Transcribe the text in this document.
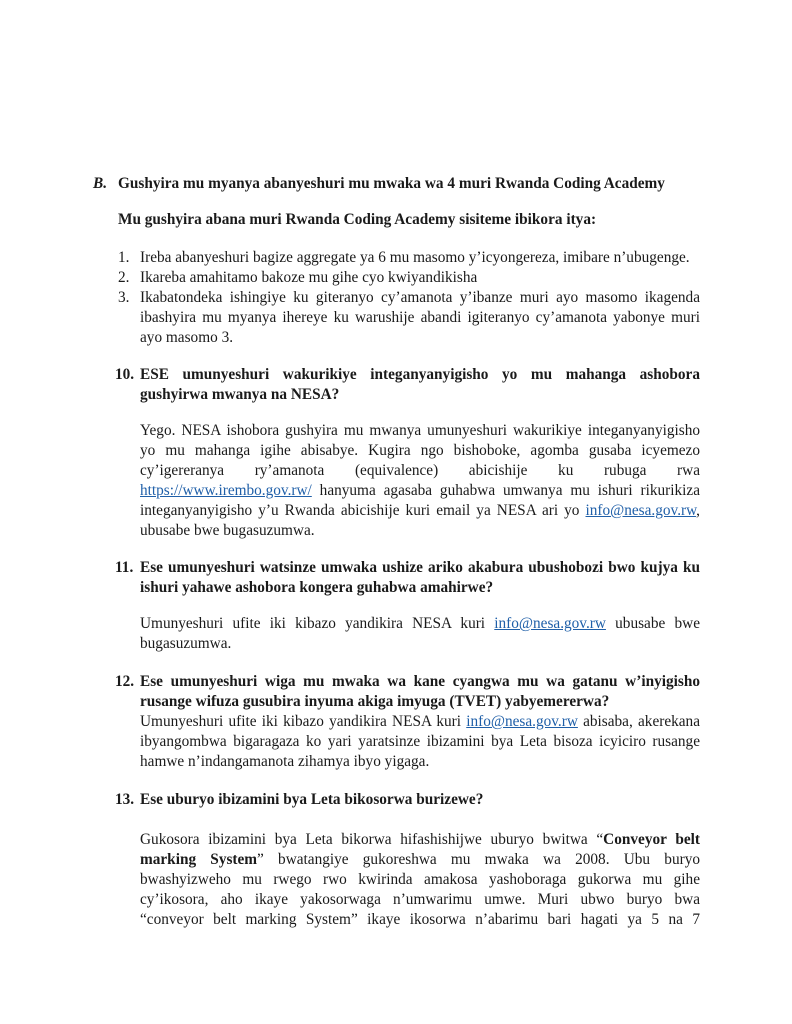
B. Gushyira mu myanya abanyeshuri mu mwaka wa 4 muri Rwanda Coding Academy
Mu gushyira abana muri Rwanda Coding Academy sisiteme ibikora itya:
1. Ireba abanyeshuri bagize aggregate ya 6 mu masomo y’icyongereza, imibare n’ubugenge.
2. Ikareba amahitamo bakoze mu gihe cyo kwiyandikisha
3. Ikabatondeka ishingiye ku giteranyo cy’amanota y’ibanze muri ayo masomo ikagenda
ibashyira mu myanya ihereye ku warushije abandi igiteranyo cy’amanota yabonye muri
ayo masomo 3.
10. ESE umunyeshuri wakurikiye integanyanyigisho yo mu mahanga ashobora
gushyirwa mwanya na NESA?
Yego. NESA ishobora gushyira mu mwanya umunyeshuri wakurikiye integanyanyigisho
yo mu mahanga igihe abisabye. Kugira ngo bishoboke, agomba gusaba icyemezo
cy’igereranya ry’amanota (equivalence) abicishije ku rubuga rwa
https://www.irembo.gov.rw/ hanyuma agasaba guhabwa umwanya mu ishuri rikurikiza
integanyanyigisho y’u Rwanda abicishije kuri email ya NESA ari yo info@nesa.gov.rw,
ubusabe bwe bugasuzumwa.
11. Ese umunyeshuri watsinze umwaka ushize ariko akabura ubushobozi bwo kujya ku
ishuri yahawe ashobora kongera guhabwa amahirwe?
Umunyeshuri ufite iki kibazo yandikira NESA kuri info@nesa.gov.rw ubusabe bwe
bugasuzumwa.
12. Ese umunyeshuri wiga mu mwaka wa kane cyangwa mu wa gatanu w’inyigisho
rusange wifuza gusubira inyuma akiga imyuga (TVET) yabyemererwa?
Umunyeshuri ufite iki kibazo yandikira NESA kuri info@nesa.gov.rw abisaba, akerekana
ibyangombwa bigaragaza ko yari yaratsinze ibizamini bya Leta bisoza icyiciro rusange
hamwe n’indangamanota zihamya ibyo yigaga.
13. Ese uburyo ibizamini bya Leta bikosorwa burizewe?
Gukosora ibizamini bya Leta bikorwa hifashishijwe uburyo bwitwa “Conveyor belt
marking System” bwatangiye gukoreshwa mu mwaka wa 2008. Ubu buryo
bwashyizweho mu rwego rwo kwirinda amakosa yashoboraga gukorwa mu gihe
cy’ikosora, aho ikaye yakosorwaga n’umwarimu umwe. Muri ubwo buryo bwa
“conveyor belt marking System” ikaye ikosorwa n’abarimu bari hagati ya 5 na 7
